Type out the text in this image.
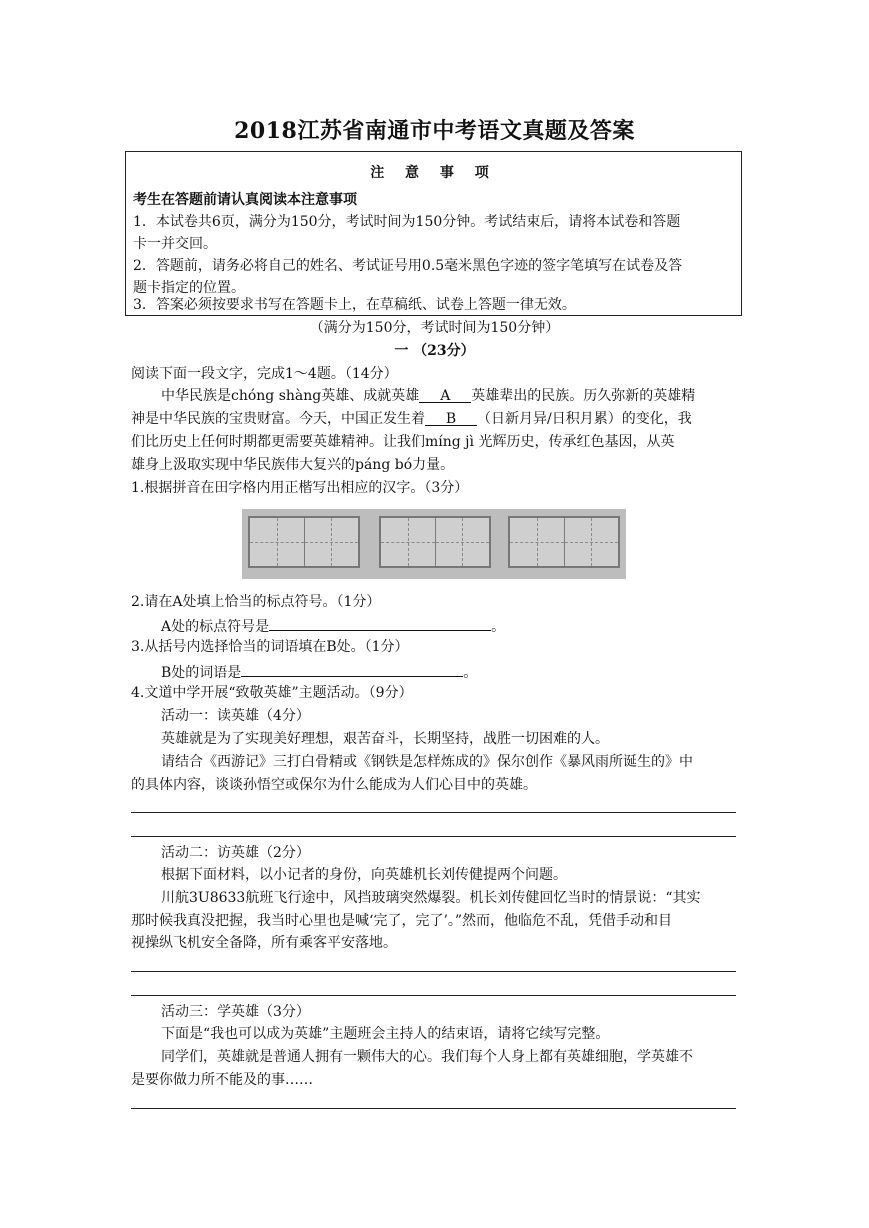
2018江苏省南通市中考语文真题及答案
注 意 事 项
考生在答题前请认真阅读本注意事项
1．本试卷共6页，满分为150分，考试时间为150分钟。考试结束后，请将本试卷和答题
卡一并交回。
2．答题前，请务必将自己的姓名、考试证号用0.5毫米黑色字迹的签字笔填写在试卷及答
题卡指定的位置。
3．答案必须按要求书写在答题卡上，在草稿纸、试卷上答题一律无效。
（满分为150分，考试时间为150分钟）
一 （23分）
阅读下面一段文字，完成1～4题。（14分）
中华民族是chóng shàng英雄、成就英雄 A 英雄辈出的民族。历久弥新的英雄精
神是中华民族的宝贵财富。今天，中国正发生着 B （日新月异/日积月累）的变化，我
们比历史上任何时期都更需要英雄精神。让我们míng jì 光辉历史，传承红色基因，从英
雄身上汲取实现中华民族伟大复兴的páng bó力量。
1.根据拼音在田字格内用正楷写出相应的汉字。（3分）
2.请在A处填上恰当的标点符号。（1分）
A处的标点符号是	。
3.从括号内选择恰当的词语填在B处。（1分）
B处的词语是	。
4.文道中学开展“致敬英雄”主题活动。（9分）
活动一：读英雄（4分）
英雄就是为了实现美好理想，艰苦奋斗，长期坚持，战胜一切困难的人。
请结合《西游记》三打白骨精或《钢铁是怎样炼成的》保尔创作《暴风雨所诞生的》中
的具体内容，谈谈孙悟空或保尔为什么能成为人们心目中的英雄。
活动二：访英雄（2分）
根据下面材料，以小记者的身份，向英雄机长刘传健提两个问题。
川航3U8633航班飞行途中，风挡玻璃突然爆裂。机长刘传健回忆当时的情景说：“其实
那时候我真没把握，我当时心里也是喊‘完了，完了’。”然而，他临危不乱，凭借手动和目
视操纵飞机安全备降，所有乘客平安落地。
活动三：学英雄（3分）
下面是“我也可以成为英雄”主题班会主持人的结束语，请将它续写完整。
同学们，英雄就是普通人拥有一颗伟大的心。我们每个人身上都有英雄细胞，学英雄不
是要你做力所不能及的事……
